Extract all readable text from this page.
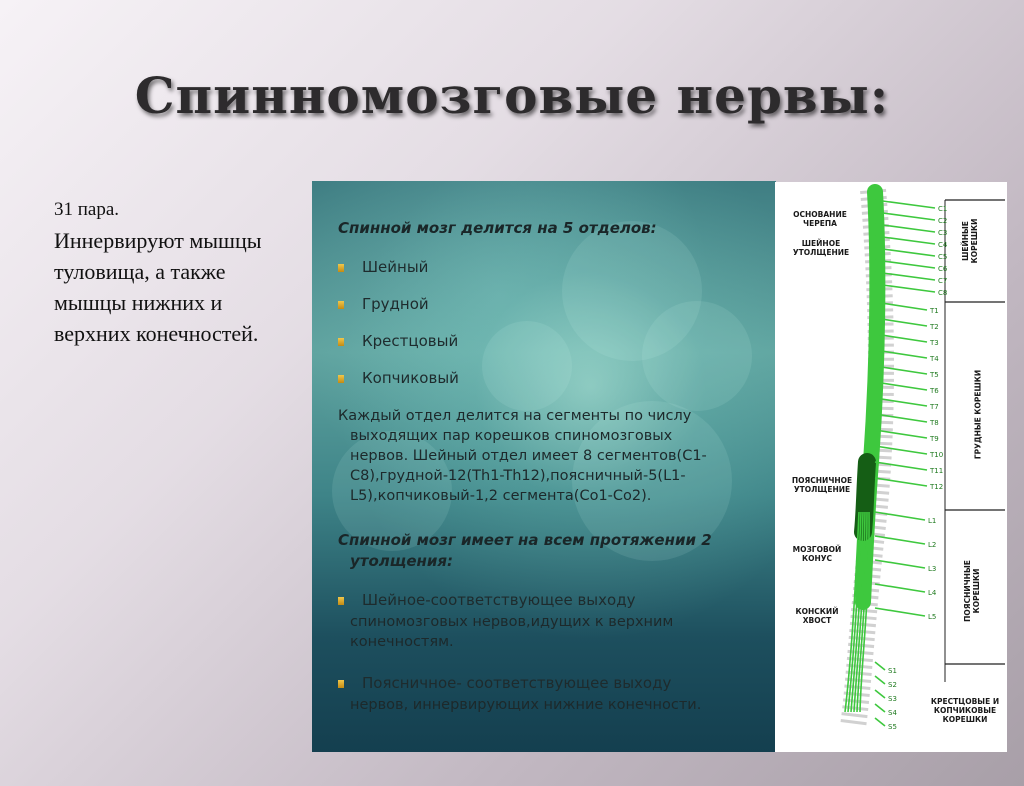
Спинномозговые нервы:
31 пара.
Иннервируют мышцы
туловища, а также
мышцы нижних и
верхних конечностей.
Спинной мозг делится на 5 отделов:
Шейный
Грудной
Крестцовый
Копчиковый
Каждый отдел делится на сегменты по числу
выходящих пар корешков спиномозговых
нервов. Шейный отдел имеет 8 сегментов(С1-
С8),грудной-12(Th1-Th12),поясничный-5(L1-
L5),копчиковый-1,2 сегмента(Со1-Со2).
Спинной мозг имеет на всем протяжении 2
утолщения:
Шейное-соответствующее выходу
спиномозговых нервов,идущих к верхним
конечностям.
Поясничное- соответствующее выходу
нервов, иннервирующих нижние конечности.
C1
C2
C3
C4
C5
C6
C7
C8
T1
T2
T3
T4
T5
T6
T7
T8
T9
T10
T11
T12
L1
L2
L3
L4
L5
S1
S2
S3
S4
S5
ОСНОВАНИЕ ЧЕРЕПА
ШЕЙНОЕ
УТОЛЩЕНИЕ
ПОЯСНИЧНОЕ
УТОЛЩЕНИЕ
МОЗГОВОЙ
КОНУС
КОНСКИЙ
ХВОСТ
ШЕЙНЫЕ КОРЕШКИ
ГРУДНЫЕ КОРЕШКИ
ПОЯСНИЧНЫЕ КОРЕШКИ
КРЕСТЦОВЫЕ И
КОПЧИКОВЫЕ
КОРЕШКИ
